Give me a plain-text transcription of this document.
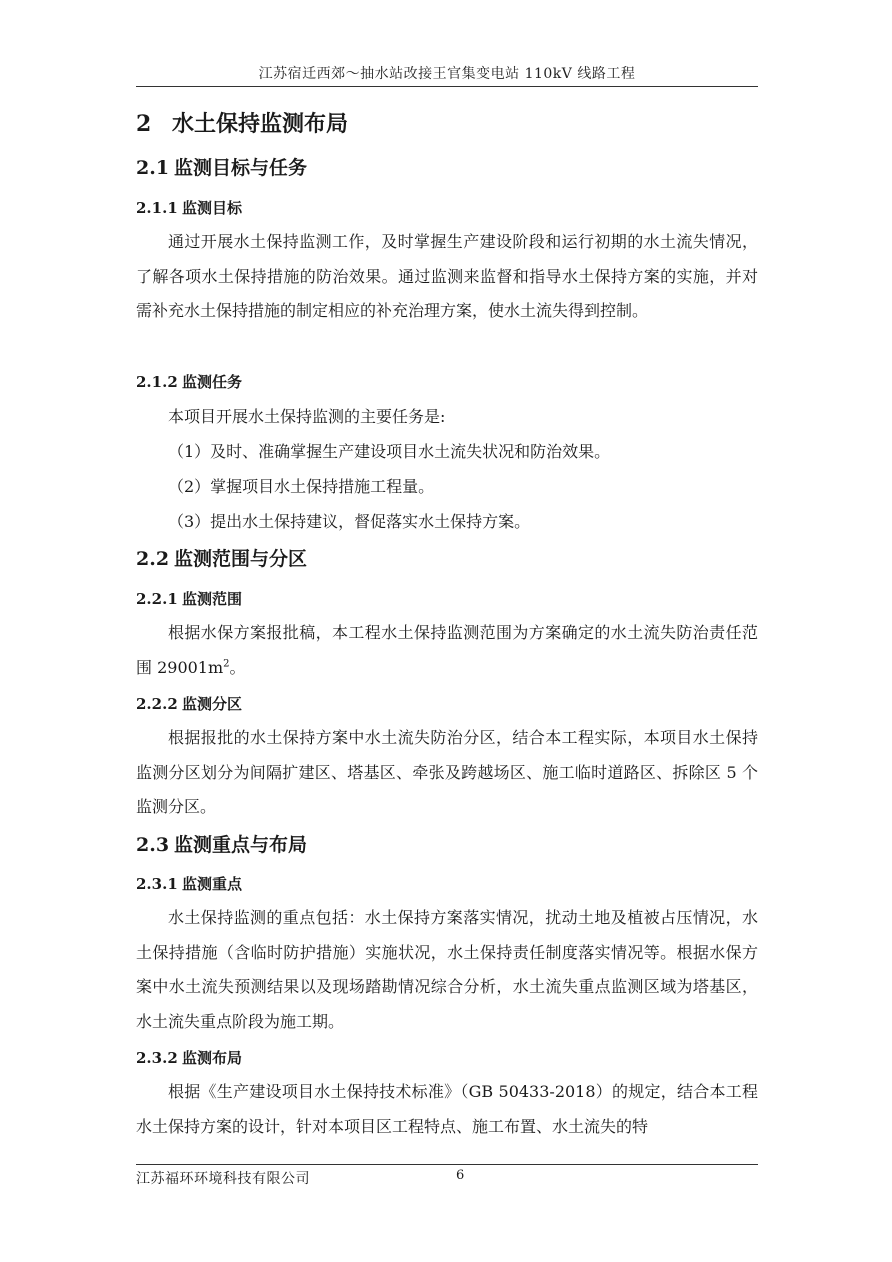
江苏宿迁西郊～抽水站改接王官集变电站 110kV 线路工程
2 水土保持监测布局
2.1 监测目标与任务
2.1.1 监测目标

通过开展水土保持监测工作，及时掌握生产建设阶段和运行初期的水土流失情况，了解各项水土保持措施的防治效果。通过监测来监督和指导水土保持方案的实施，并对需补充水土保持措施的制定相应的补充治理方案，使水土流失得到控制。

2.1.2 监测任务
本项目开展水土保持监测的主要任务是:
（1）及时、准确掌握生产建设项目水土流失状况和防治效果。
（2）掌握项目水土保持措施工程量。
（3）提出水土保持建议，督促落实水土保持方案。
2.2 监测范围与分区
2.2.1 监测范围

根据水保方案报批稿，本工程水土保持监测范围为方案确定的水土流失防治责任范围 $29001m^2$。

2.2.2 监测分区

根据报批的水土保持方案中水土流失防治分区，结合本工程实际，本项目水土保持监测分区划分为间隔扩建区、塔基区、牵张及跨越场区、施工临时道路区、拆除区 5 个监测分区。

2.3 监测重点与布局
2.3.1 监测重点

水土保持监测的重点包括：水土保持方案落实情况，扰动土地及植被占压情况，水土保持措施（含临时防护措施）实施状况，水土保持责任制度落实情况等。根据水保方案中水土流失预测结果以及现场踏勘情况综合分析，水土流失重点监测区域为塔基区，水土流失重点阶段为施工期。

2.3.2 监测布局

根据《生产建设项目水土保持技术标准》（GB 50433-2018）的规定，结合本工程水土保持方案的设计，针对本项目区工程特点、施工布置、水土流失的特

江苏福环环境科技有限公司	6
